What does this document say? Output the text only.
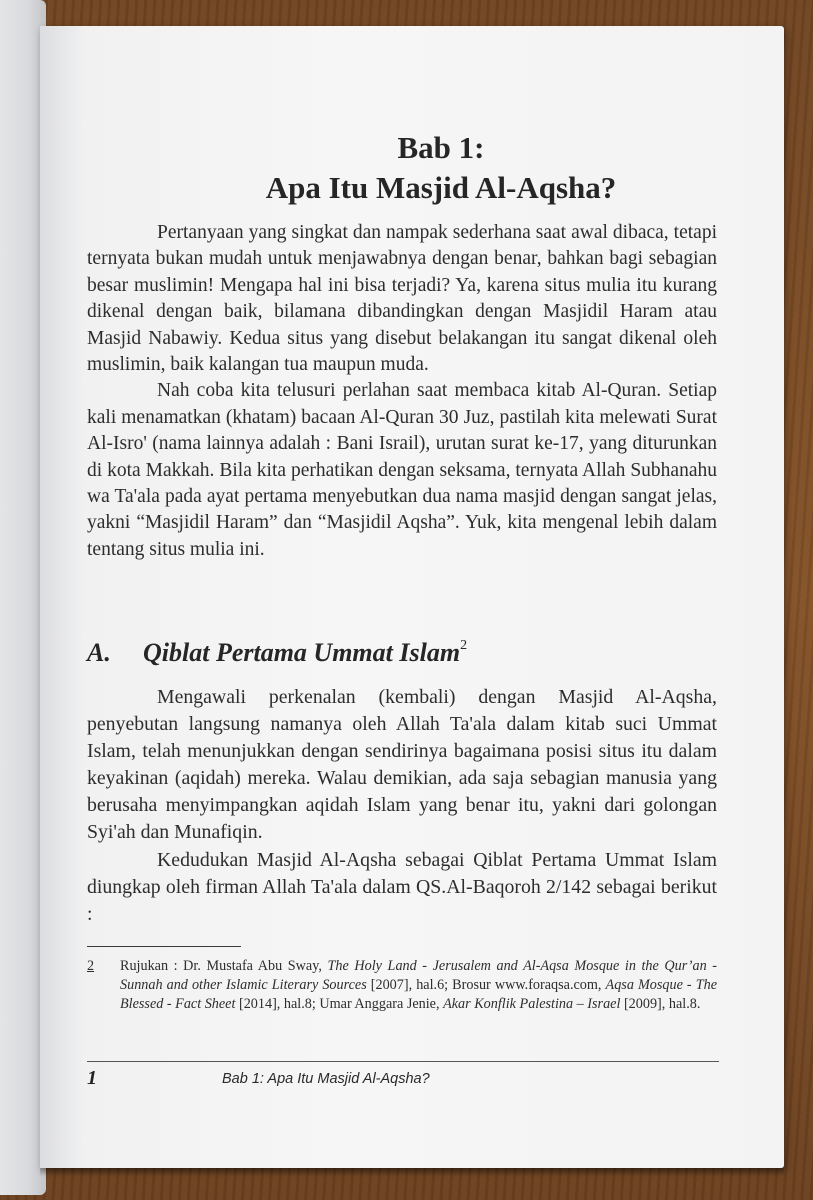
Bab 1:
Apa Itu Masjid Al-Aqsha?

Pertanyaan yang singkat dan nampak sederhana saat awal dibaca, tetapi ternyata bukan mudah untuk menjawabnya dengan benar, bahkan bagi sebagian besar muslimin! Mengapa hal ini bisa terjadi? Ya, karena situs mulia itu kurang dikenal dengan baik, bilamana dibandingkan dengan Masjidil Haram atau Masjid Nabawiy. Kedua situs yang disebut belakangan itu sangat dikenal oleh muslimin, baik kalangan tua maupun muda.

Nah coba kita telusuri perlahan saat membaca kitab Al-Quran. Setiap kali menamatkan (khatam) bacaan Al-Quran 30 Juz, pastilah kita melewati Surat Al-Isro' (nama lainnya adalah : Bani Israil), urutan surat ke-17, yang diturunkan di kota Makkah. Bila kita perhatikan dengan seksama, ternyata Allah Subhanahu wa Ta'ala pada ayat pertama menyebutkan dua nama masjid dengan sangat jelas, yakni “Masjidil Haram” dan “Masjidil Aqsha”. Yuk, kita mengenal lebih dalam tentang situs mulia ini.

A. Qiblat Pertama Ummat Islam$^2$

Mengawali perkenalan (kembali) dengan Masjid Al-Aqsha, penyebutan langsung namanya oleh Allah Ta'ala dalam kitab suci Ummat Islam, telah menunjukkan dengan sendirinya bagaimana posisi situs itu dalam keyakinan (aqidah) mereka. Walau demikian, ada saja sebagian manusia yang berusaha menyimpangkan aqidah Islam yang benar itu, yakni dari golongan Syi'ah dan Munafiqin.

Kedudukan Masjid Al-Aqsha sebagai Qiblat Pertama Ummat Islam diungkap oleh firman Allah Ta'ala dalam QS.Al-Baqoroh 2/142 sebagai berikut :

2	Rujukan : Dr. Mustafa Abu Sway, The Holy Land - Jerusalem and Al-Aqsa Mosque in the Qur’an - Sunnah and other Islamic Literary Sources [2007], hal.6; Brosur www.foraqsa.com, Aqsa Mosque - The Blessed - Fact Sheet [2014], hal.8; Umar Anggara Jenie, Akar Konflik Palestina – Israel [2009], hal.8.
1	Bab 1: Apa Itu Masjid Al-Aqsha?
